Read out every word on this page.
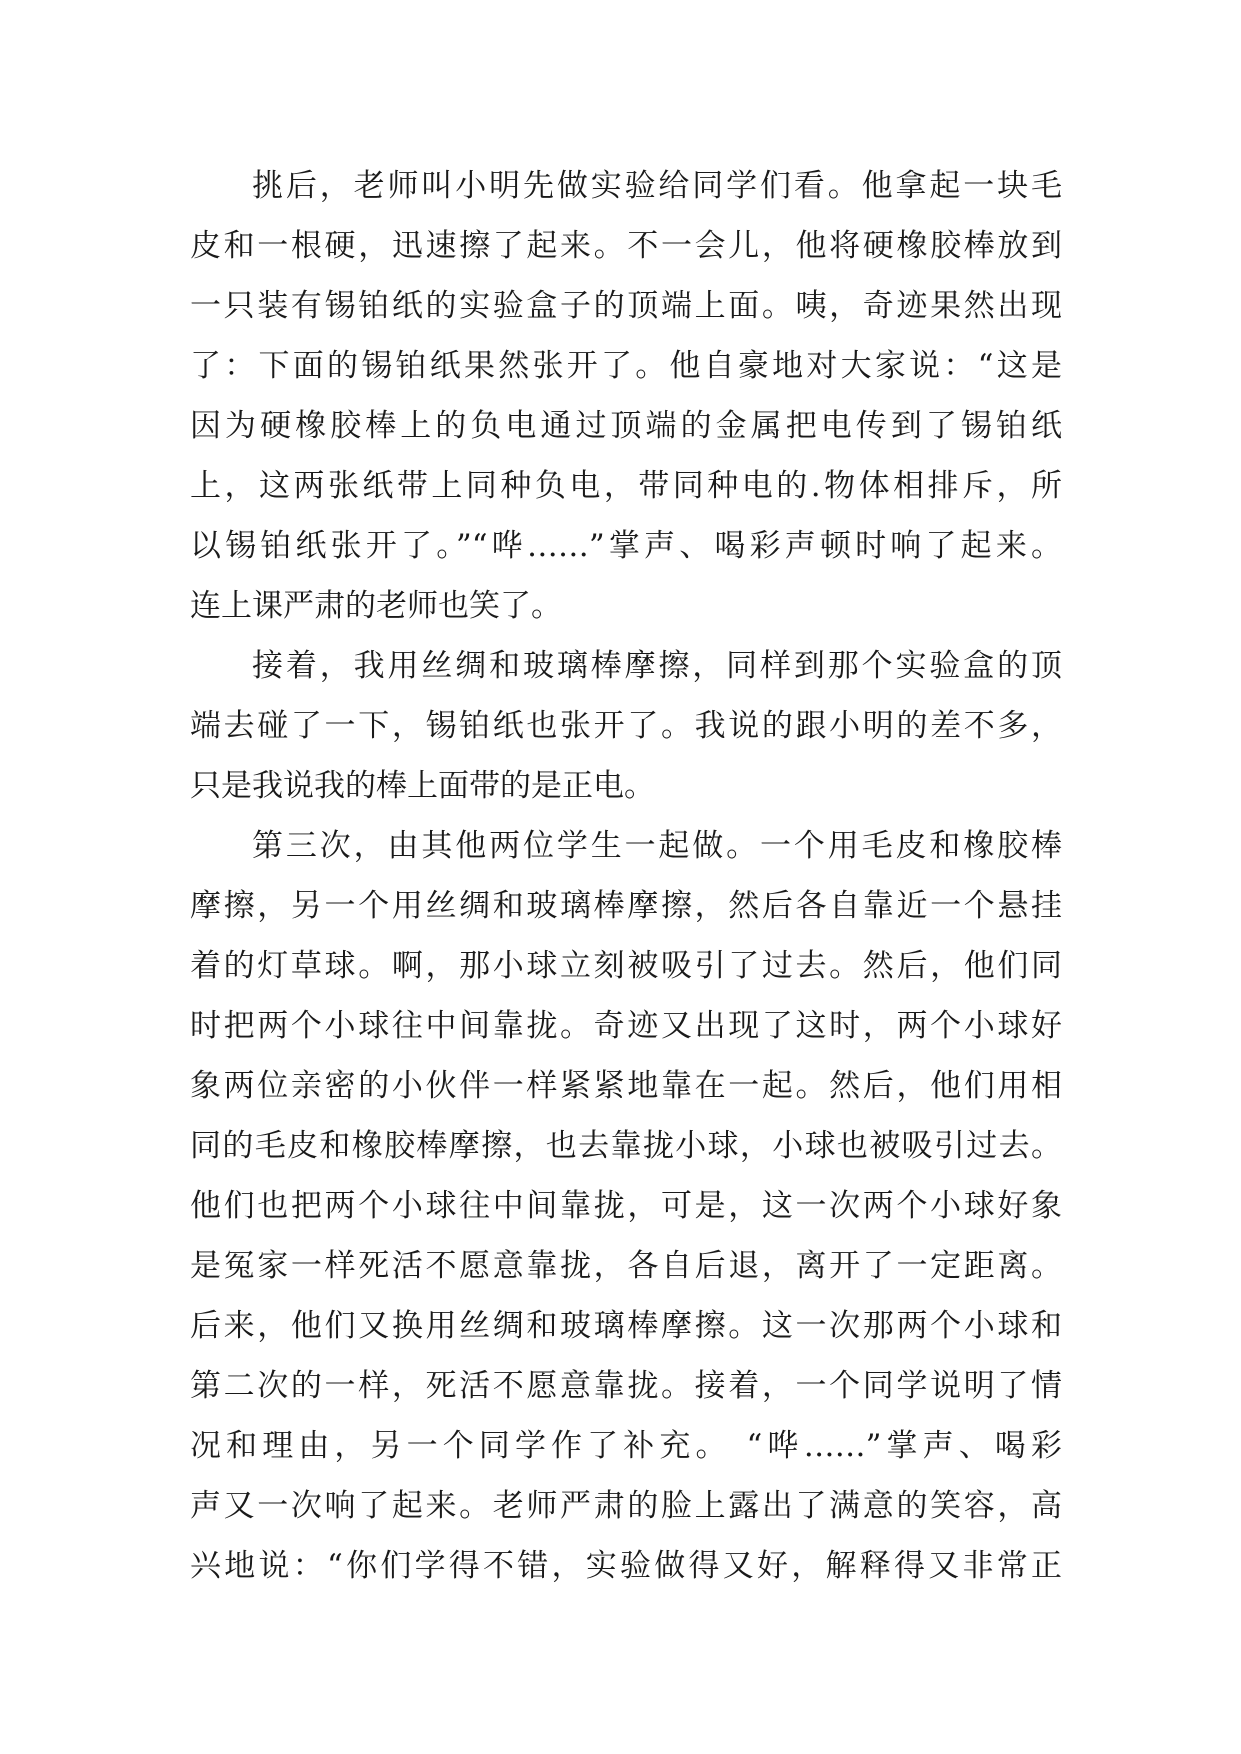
挑后，老师叫小明先做实验给同学们看。他拿起一块毛
皮和一根硬，迅速擦了起来。不一会儿，他将硬橡胶棒放到
一只装有锡铂纸的实验盒子的顶端上面。咦，奇迹果然出现
了：下面的锡铂纸果然张开了。他自豪地对大家说：“这是
因为硬橡胶棒上的负电通过顶端的金属把电传到了锡铂纸
上，这两张纸带上同种负电，带同种电的.物体相排斥，所
以锡铂纸张开了。”“哗……”掌声、喝彩声顿时响了起来。
连上课严肃的老师也笑了。
接着，我用丝绸和玻璃棒摩擦，同样到那个实验盒的顶
端去碰了一下，锡铂纸也张开了。我说的跟小明的差不多，
只是我说我的棒上面带的是正电。
第三次，由其他两位学生一起做。一个用毛皮和橡胶棒
摩擦，另一个用丝绸和玻璃棒摩擦，然后各自靠近一个悬挂
着的灯草球。啊，那小球立刻被吸引了过去。然后，他们同
时把两个小球往中间靠拢。奇迹又出现了这时，两个小球好
象两位亲密的小伙伴一样紧紧地靠在一起。然后，他们用相
同的毛皮和橡胶棒摩擦，也去靠拢小球，小球也被吸引过去。
他们也把两个小球往中间靠拢，可是，这一次两个小球好象
是冤家一样死活不愿意靠拢，各自后退，离开了一定距离。
后来，他们又换用丝绸和玻璃棒摩擦。这一次那两个小球和
第二次的一样，死活不愿意靠拢。接着，一个同学说明了情
况和理由，另一个同学作了补充。 “哗……”掌声、喝彩
声又一次响了起来。老师严肃的脸上露出了满意的笑容，高
兴地说：“你们学得不错，实验做得又好，解释得又非常正
